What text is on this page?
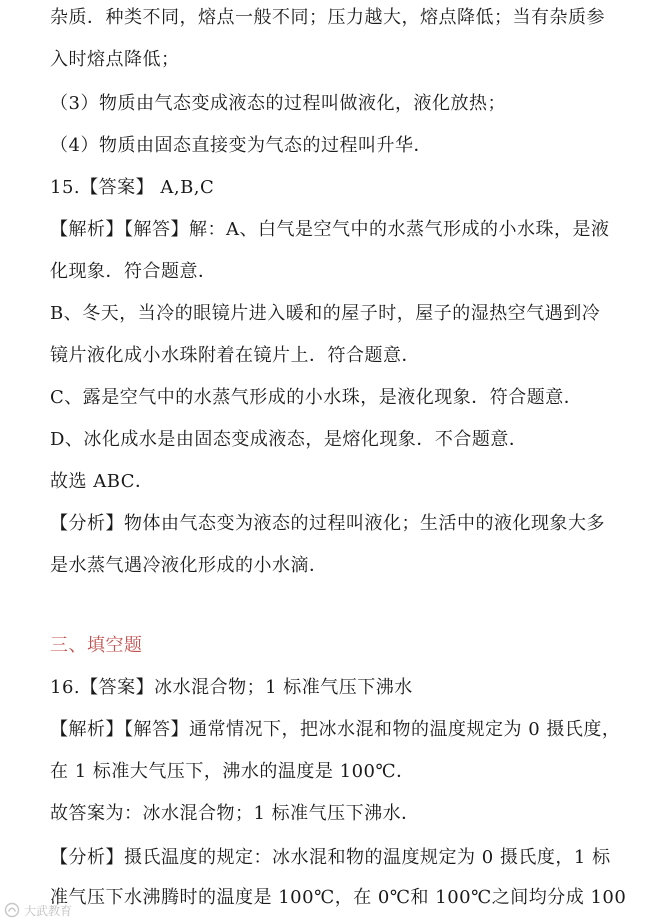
杂质．种类不同，熔点一般不同；压力越大，熔点降低；当有杂质参
入时熔点降低；
（3）物质由气态变成液态的过程叫做液化，液化放热；
（4）物质由固态直接变为气态的过程叫升华．
15.【答案】 A,B,C
【解析】【解答】解：A、白气是空气中的水蒸气形成的小水珠，是液
化现象．符合题意．
B、冬天，当冷的眼镜片进入暖和的屋子时，屋子的湿热空气遇到冷
镜片液化成小水珠附着在镜片上．符合题意．
C、露是空气中的水蒸气形成的小水珠，是液化现象．符合题意．
D、冰化成水是由固态变成液态，是熔化现象．不合题意．
故选 ABC．
【分析】物体由气态变为液态的过程叫液化；生活中的液化现象大多
是水蒸气遇冷液化形成的小水滴．
三、填空题
16.【答案】冰水混合物；1 标准气压下沸水
【解析】【解答】通常情况下，把冰水混和物的温度规定为 0 摄氏度，
在 1 标准大气压下，沸水的温度是 100℃．
故答案为：冰水混合物；1 标准气压下沸水．
【分析】摄氏温度的规定：冰水混和物的温度规定为 0 摄氏度，1 标
准气压下水沸腾时的温度是 100℃，在 0℃和 100℃之间均分成 100
大武教育
